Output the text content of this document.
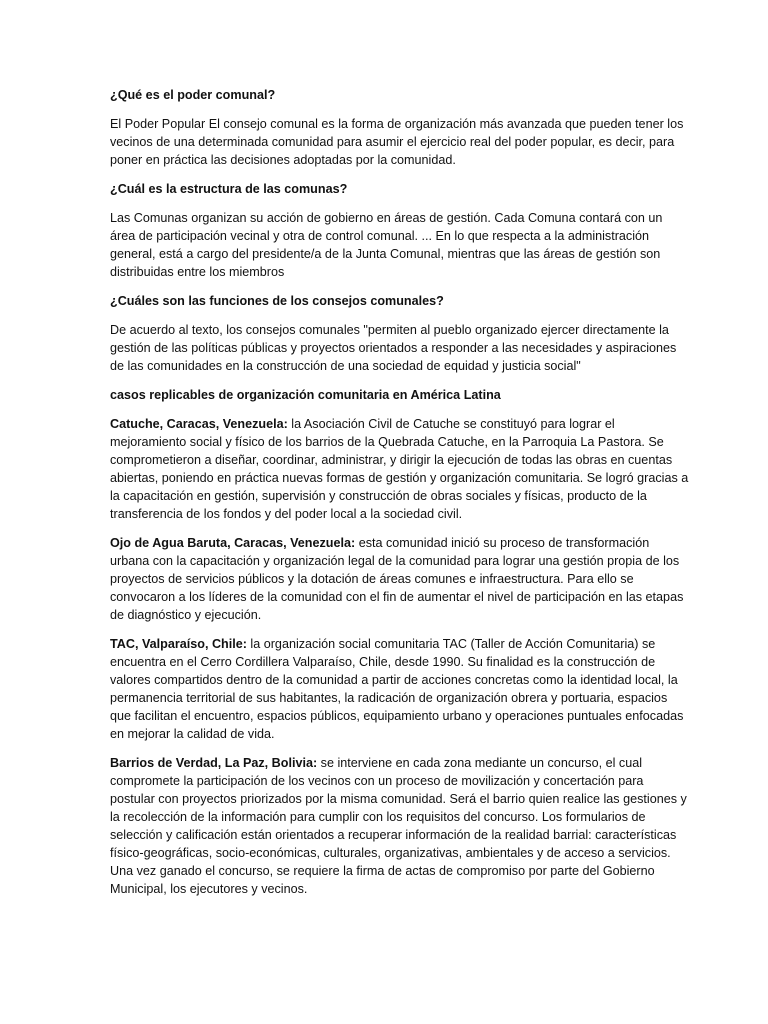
¿Qué es el poder comunal?

El Poder Popular El consejo comunal es la forma de organización más avanzada que pueden tener los vecinos de una determinada comunidad para asumir el ejercicio real del poder popular, es decir, para poner en práctica las decisiones adoptadas por la comunidad.

¿Cuál es la estructura de las comunas?

Las Comunas organizan su acción de gobierno en áreas de gestión. Cada Comuna contará con un área de participación vecinal y otra de control comunal. ... En lo que respecta a la administración general, está a cargo del presidente/a de la Junta Comunal, mientras que las áreas de gestión son distribuidas entre los miembros

¿Cuáles son las funciones de los consejos comunales?

De acuerdo al texto, los consejos comunales "permiten al pueblo organizado ejercer directamente la gestión de las políticas públicas y proyectos orientados a responder a las necesidades y aspiraciones de las comunidades en la construcción de una sociedad de equidad y justicia social"

casos replicables de organización comunitaria en América Latina

Catuche, Caracas, Venezuela: la Asociación Civil de Catuche se constituyó para lograr el mejoramiento social y físico de los barrios de la Quebrada Catuche, en la Parroquia La Pastora. Se comprometieron a diseñar, coordinar, administrar, y dirigir la ejecución de todas las obras en cuentas abiertas, poniendo en práctica nuevas formas de gestión y organización comunitaria. Se logró gracias a la capacitación en gestión, supervisión y construcción de obras sociales y físicas, producto de la transferencia de los fondos y del poder local a la sociedad civil.

Ojo de Agua Baruta, Caracas, Venezuela: esta comunidad inició su proceso de transformación urbana con la capacitación y organización legal de la comunidad para lograr una gestión propia de los proyectos de servicios públicos y la dotación de áreas comunes e infraestructura. Para ello se convocaron a los líderes de la comunidad con el fin de aumentar el nivel de participación en las etapas de diagnóstico y ejecución.

TAC, Valparaíso, Chile: la organización social comunitaria TAC (Taller de Acción Comunitaria) se encuentra en el Cerro Cordillera Valparaíso, Chile, desde 1990. Su finalidad es la construcción de valores compartidos dentro de la comunidad a partir de acciones concretas como la identidad local, la permanencia territorial de sus habitantes, la radicación de organización obrera y portuaria, espacios que facilitan el encuentro, espacios públicos, equipamiento urbano y operaciones puntuales enfocadas en mejorar la calidad de vida.

Barrios de Verdad, La Paz, Bolivia: se interviene en cada zona mediante un concurso, el cual compromete la participación de los vecinos con un proceso de movilización y concertación para postular con proyectos priorizados por la misma comunidad. Será el barrio quien realice las gestiones y la recolección de la información para cumplir con los requisitos del concurso. Los formularios de selección y calificación están orientados a recuperar información de la realidad barrial: características físico-geográficas, socio-económicas, culturales, organizativas, ambientales y de acceso a servicios. Una vez ganado el concurso, se requiere la firma de actas de compromiso por parte del Gobierno Municipal, los ejecutores y vecinos.
